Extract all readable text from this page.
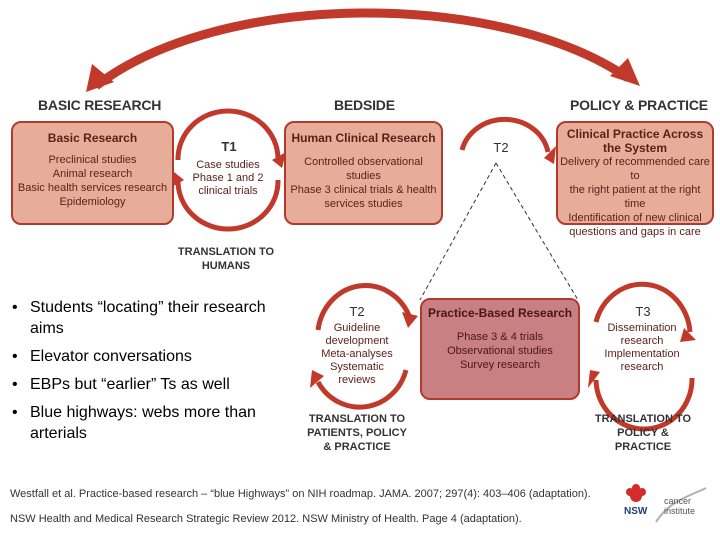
BASIC RESEARCH	BEDSIDE	POLICY & PRACTICE
Basic Research
Preclinical studies
Animal research
Basic health services research
Epidemiology
Human Clinical Research
Controlled observational studies
Phase 3 clinical trials & health
services studies
Clinical Practice Across
the System
Delivery of recommended care to
the right patient at the right time
Identification of new clinical
questions and gaps in care
Practice-Based Research
Phase 3 & 4 trials
Observational studies
Survey research
T1
Case studies
Phase 1 and 2
clinical trials
T2
T2
Guideline
development
Meta-analyses
Systematic
reviews
T3
Dissemination
research
Implementation
research
TRANSLATION TO
HUMANS
TRANSLATION TO
PATIENTS, POLICY
& PRACTICE
TRANSLATION TO
POLICY & PRACTICE
• Students “locating” their research aims
• Elevator conversations
• EBPs but “earlier” Ts as well
• Blue highways: webs more than arterials
Westfall et al. Practice-based research – “blue Highways” on NIH roadmap. JAMA. 2007; 297(4): 403–406 (adaptation).
NSW Health and Medical Research Strategic Review 2012. NSW Ministry of Health. Page 4 (adaptation).
NSW
cancer
institute
